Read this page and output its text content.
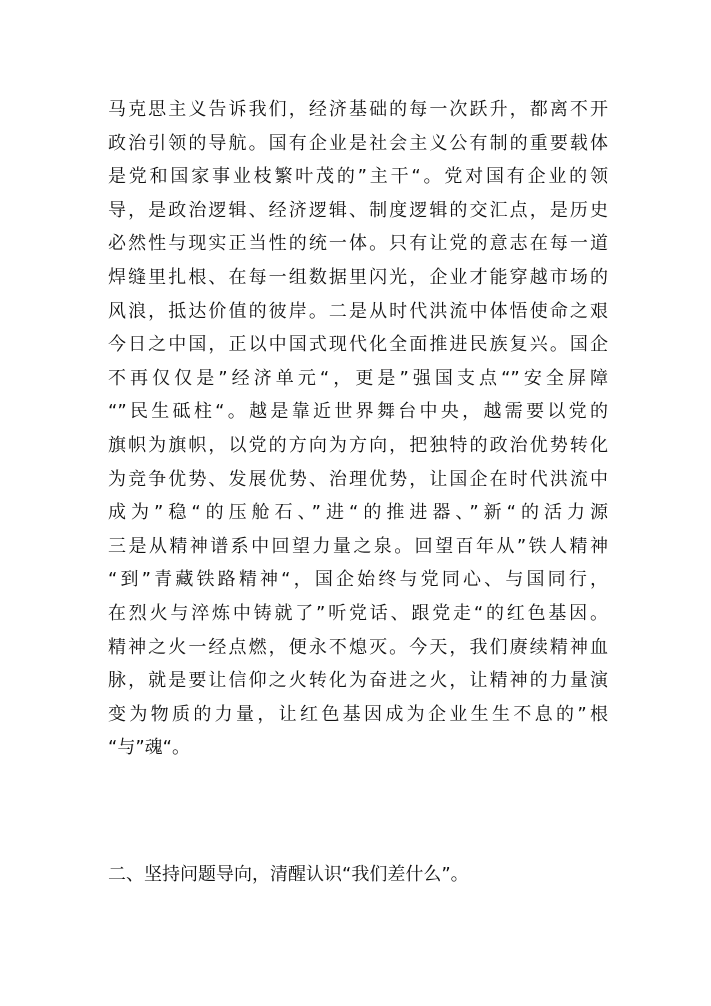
马克思主义告诉我们，经济基础的每一次跃升，都离不开
政治引领的导航。国有企业是社会主义公有制的重要载体
是党和国家事业枝繁叶茂的”主干“。党对国有企业的领
导，是政治逻辑、经济逻辑、制度逻辑的交汇点，是历史
必然性与现实正当性的统一体。只有让党的意志在每一道
焊缝里扎根、在每一组数据里闪光，企业才能穿越市场的
风浪，抵达价值的彼岸。二是从时代洪流中体悟使命之艰
今日之中国，正以中国式现代化全面推进民族复兴。国企
不再仅仅是”经济单元“，更是”强国支点“”安全屏障
“”民生砥柱“。越是靠近世界舞台中央，越需要以党的
旗帜为旗帜，以党的方向为方向，把独特的政治优势转化
为竞争优势、发展优势、治理优势，让国企在时代洪流中
成为”稳“的压舱石、”进“的推进器、”新“的活力源
三是从精神谱系中回望力量之泉。回望百年从”铁人精神
“到”青藏铁路精神“，国企始终与党同心、与国同行，
在烈火与淬炼中铸就了”听党话、跟党走“的红色基因。
精神之火一经点燃，便永不熄灭。今天，我们赓续精神血
脉，就是要让信仰之火转化为奋进之火，让精神的力量演
变为物质的力量，让红色基因成为企业生生不息的”根
“与”魂“。
二、坚持问题导向，清醒认识“我们差什么”。
